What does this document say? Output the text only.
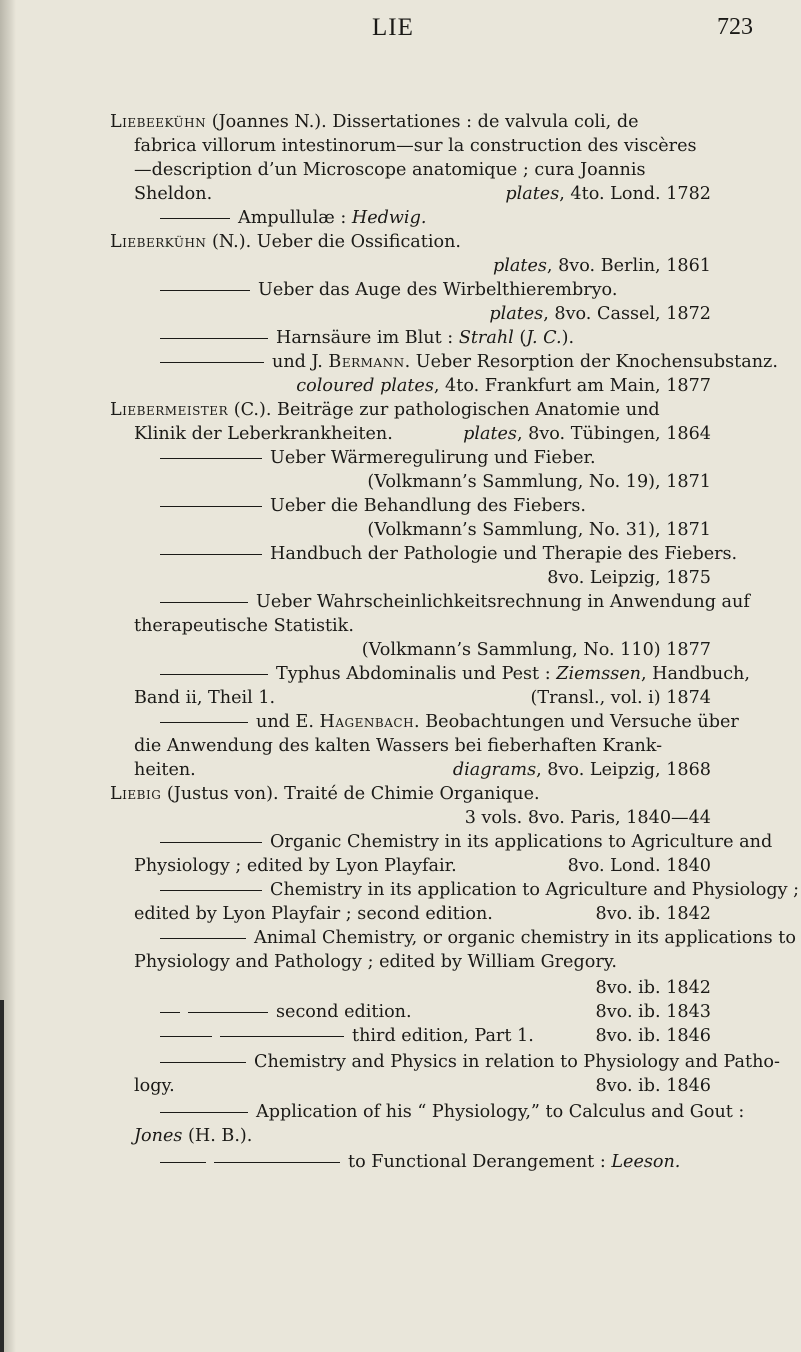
LIE	723
Liebeekühn (Joannes N.). Dissertationes : de valvula coli, de
fabrica villorum intestinorum—sur la construction des viscères
—description d’un Microscope anatomique ; cura Joannis
Sheldon.	plates, 4to. Lond. 1782
Ampullulæ : Hedwig.
Lieberkühn (N.). Ueber die Ossification.
plates, 8vo. Berlin, 1861
Ueber das Auge des Wirbelthierembryo.
plates, 8vo. Cassel, 1872
Harnsäure im Blut : Strahl (J. C.).
und J. Bermann. Ueber Resorption der Knochensubstanz.
coloured plates, 4to. Frankfurt am Main, 1877
Liebermeister (C.). Beiträge zur pathologischen Anatomie und
Klinik der Leberkrankheiten.	plates, 8vo. Tübingen, 1864
Ueber Wärmeregulirung und Fieber.
(Volkmann’s Sammlung, No. 19), 1871
Ueber die Behandlung des Fiebers.
(Volkmann’s Sammlung, No. 31), 1871
Handbuch der Pathologie und Therapie des Fiebers.
8vo. Leipzig, 1875
Ueber Wahrscheinlichkeitsrechnung in Anwendung auf
therapeutische Statistik.
(Volkmann’s Sammlung, No. 110) 1877
Typhus Abdominalis und Pest : Ziemssen, Handbuch,
Band ii, Theil 1.	(Transl., vol. i) 1874
und E. Hagenbach. Beobachtungen und Versuche über
die Anwendung des kalten Wassers bei fieberhaften Krank-
heiten.	diagrams, 8vo. Leipzig, 1868
Liebig (Justus von). Traité de Chimie Organique.
3 vols. 8vo. Paris, 1840—44
Organic Chemistry in its applications to Agriculture and
Physiology ; edited by Lyon Playfair.	8vo. Lond. 1840
Chemistry in its application to Agriculture and Physiology ;
edited by Lyon Playfair ; second edition.	8vo. ib. 1842
Animal Chemistry, or organic chemistry in its applications to
Physiology and Pathology ; edited by William Gregory.
8vo. ib. 1842
second edition.	8vo. ib. 1843
third edition, Part 1.	8vo. ib. 1846
Chemistry and Physics in relation to Physiology and Patho-
logy.	8vo. ib. 1846
Application of his “ Physiology,” to Calculus and Gout :
Jones (H. B.).
to Functional Derangement : Leeson.
